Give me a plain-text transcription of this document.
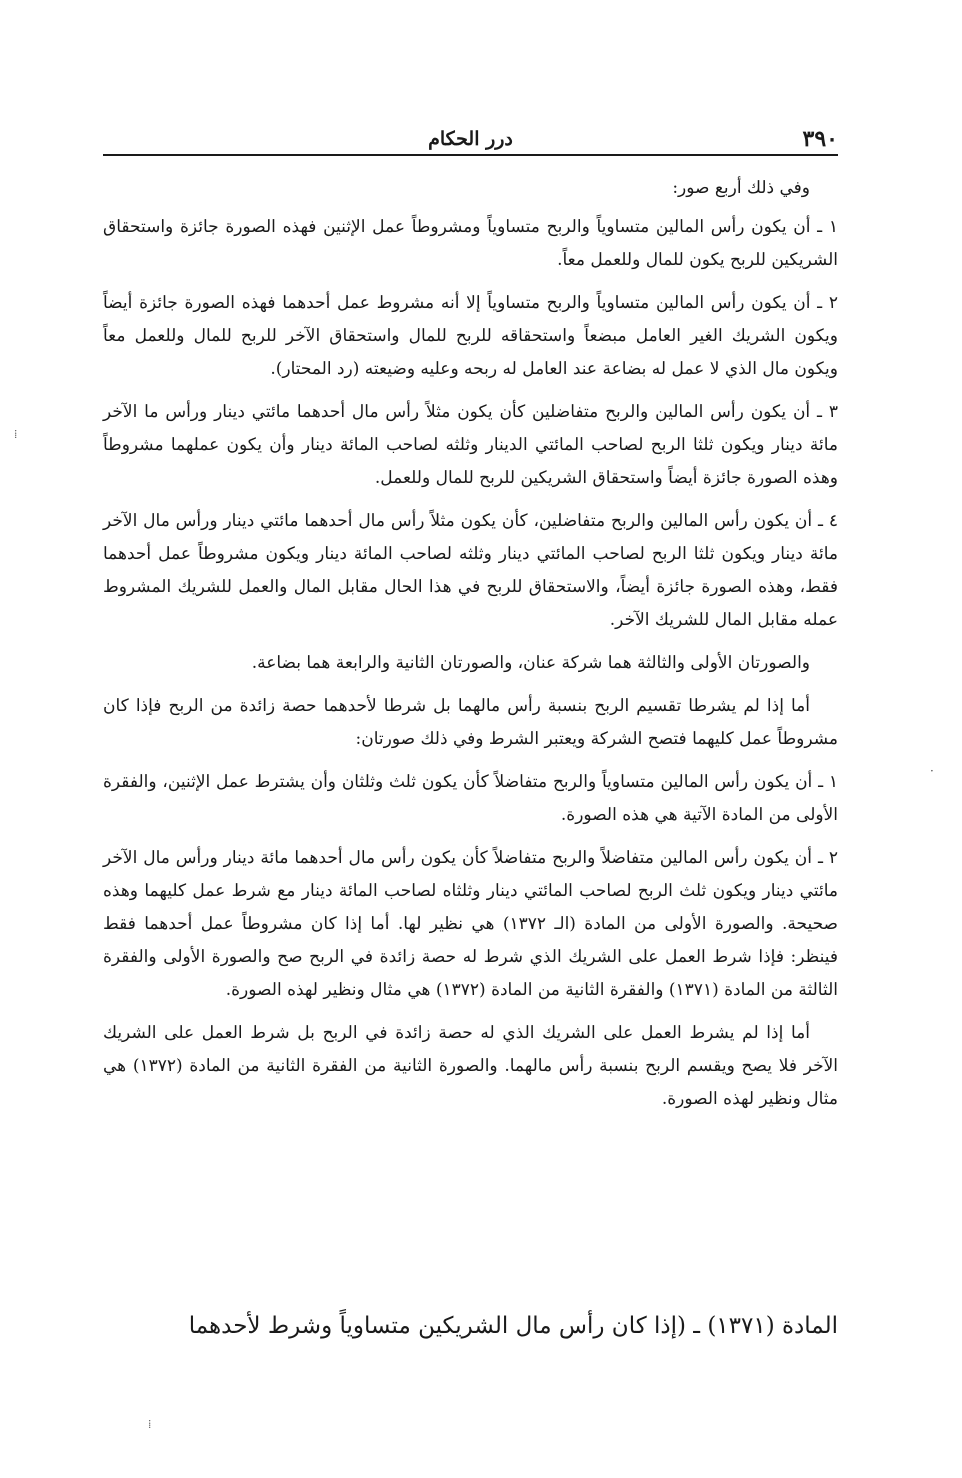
٣٩٠
درر الحكام

وفي ذلك أربع صور:

١ ـ أن يكون رأس المالين متساوياً والربح متساوياً ومشروطاً عمل الإثنين فهذه الصورة جائزة واستحقاق الشريكين للربح يكون للمال وللعمل معاً.

٢ ـ أن يكون رأس المالين متساوياً والربح متساوياً إلا أنه مشروط عمل أحدهما فهذه الصورة جائزة أيضاً ويكون الشريك الغير العامل مبضعاً واستحقاقه للربح للمال واستحقاق الآخر للربح للمال وللعمل معاً ويكون مال الذي لا عمل له بضاعة عند العامل له ربحه وعليه وضيعته (رد المحتار).

٣ ـ أن يكون رأس المالين والربح متفاضلين كأن يكون مثلاً رأس مال أحدهما مائتي دينار ورأس ما الآخر مائة دينار ويكون ثلثا الربح لصاحب المائتي الدينار وثلثه لصاحب المائة دينار وأن يكون عملهما مشروطاً وهذه الصورة جائزة أيضاً واستحقاق الشريكين للربح للمال وللعمل.

٤ ـ أن يكون رأس المالين والربح متفاضلين، كأن يكون مثلاً رأس مال أحدهما مائتي دينار ورأس مال الآخر مائة دينار ويكون ثلثا الربح لصاحب المائتي دينار وثلثه لصاحب المائة دينار ويكون مشروطاً عمل أحدهما فقط، وهذه الصورة جائزة أيضاً، والاستحقاق للربح في هذا الحال مقابل المال والعمل للشريك المشروط عمله مقابل المال للشريك الآخر.

والصورتان الأولى والثالثة هما شركة عنان، والصورتان الثانية والرابعة هما بضاعة.

أما إذا لم يشرطا تقسيم الربح بنسبة رأس مالهما بل شرطا لأحدهما حصة زائدة من الربح فإذا كان مشروطاً عمل كليهما فتصح الشركة ويعتبر الشرط وفي ذلك صورتان:

١ ـ أن يكون رأس المالين متساوياً والربح متفاضلاً كأن يكون ثلث وثلثان وأن يشترط عمل الإثنين، والفقرة الأولى من المادة الآتية هي هذه الصورة.

٢ ـ أن يكون رأس المالين متفاضلاً والربح متفاضلاً كأن يكون رأس مال أحدهما مائة دينار ورأس مال الآخر مائتي دينار ويكون ثلث الربح لصاحب المائتي دينار وثلثاه لصاحب المائة دينار مع شرط عمل كليهما وهذه صحيحة. والصورة الأولى من المادة (الـ ١٣٧٢) هي نظير لها. أما إذا كان مشروطاً عمل أحدهما فقط فينظر: فإذا شرط العمل على الشريك الذي شرط له حصة زائدة في الربح صح والصورة الأولى والفقرة الثالثة من المادة (١٣٧١) والفقرة الثانية من المادة (١٣٧٢) هي مثال ونظير لهذه الصورة.

أما إذا لم يشرط العمل على الشريك الذي له حصة زائدة في الربح بل شرط العمل على الشريك الآخر فلا يصح ويقسم الربح بنسبة رأس مالهما. والصورة الثانية من الفقرة الثانية من المادة (١٣٧٢) هي مثال ونظير لهذه الصورة.

المادة (١٣٧١) ـ (إذا كان رأس مال الشريكين متساوياً وشرط لأحدهما
⁞
·
⁞
